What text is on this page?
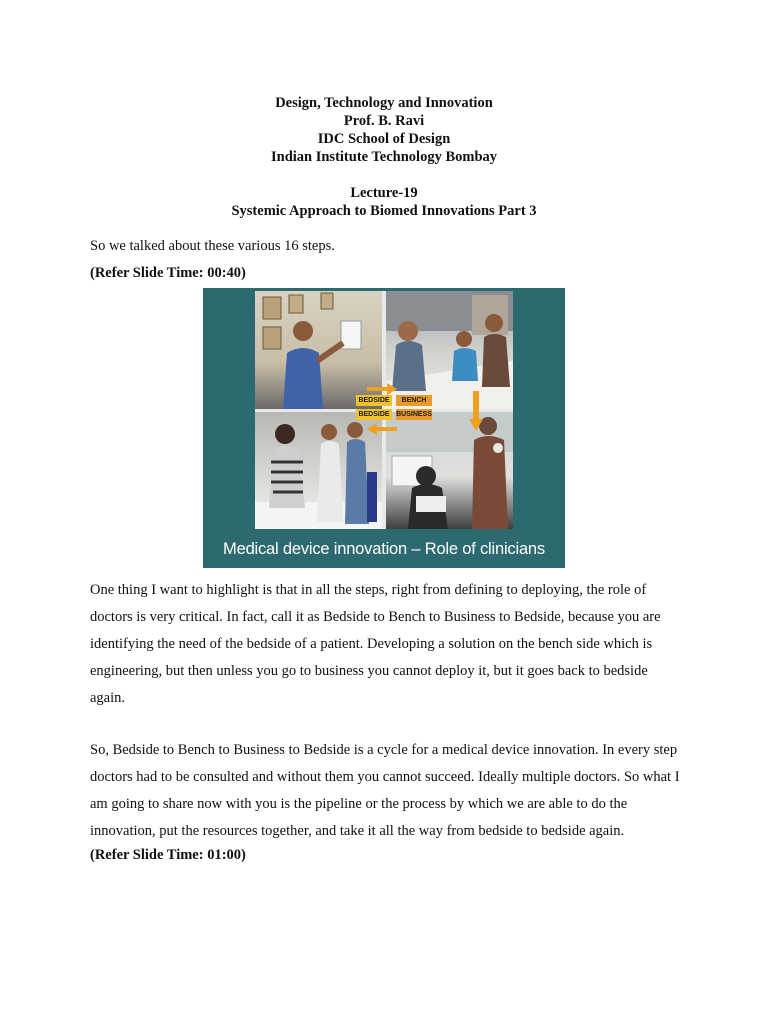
Design, Technology and Innovation
Prof. B. Ravi
IDC School of Design
Indian Institute Technology Bombay
Lecture-19
Systemic Approach to Biomed Innovations Part 3
So we talked about these various 16 steps.
(Refer Slide Time: 00:40)
BEDSIDE	BENCH
BEDSIDE BUSINESS
Medical device innovation – Role of clinicians
One thing I want to highlight is that in all the steps, right from defining to deploying, the role of doctors is very critical. In fact, call it as Bedside to Bench to Business to Bedside, because you are identifying the need of the bedside of a patient. Developing a solution on the bench side which is engineering, but then unless you go to business you cannot deploy it, but it goes back to bedside again.
So, Bedside to Bench to Business to Bedside is a cycle for a medical device innovation. In every step doctors had to be consulted and without them you cannot succeed. Ideally multiple doctors. So what I am going to share now with you is the pipeline or the process by which we are able to do the innovation, put the resources together, and take it all the way from bedside to bedside again.
(Refer Slide Time: 01:00)
